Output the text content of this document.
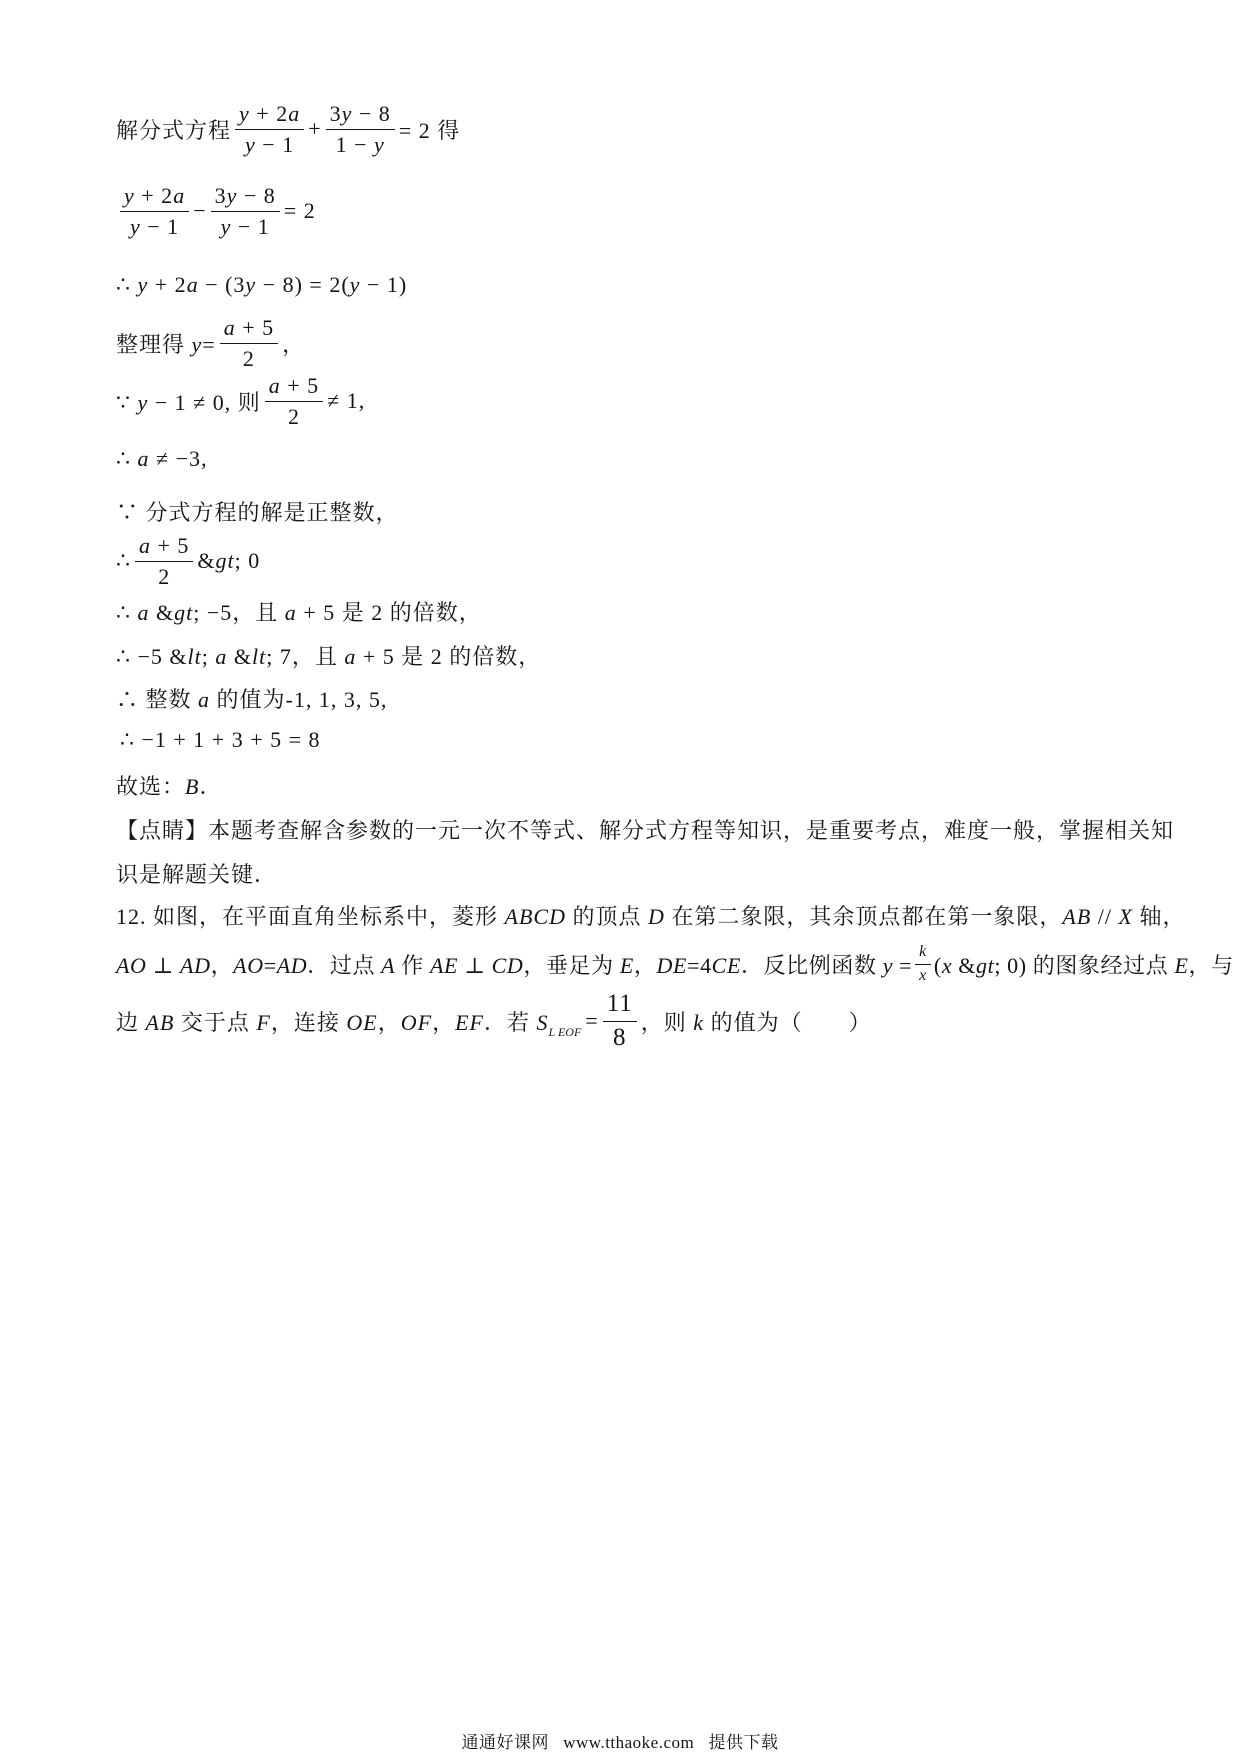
解分式方程 $\frac{y + 2a}{y - 1} + \frac{3y - 8}{1 - y} = 2$ 得
$\frac{y + 2a}{y - 1} - \frac{3y - 8}{y - 1} = 2$
∴ y + 2a − (3y − 8) = 2(y − 1)
整理得 $y= \frac{a + 5}{2}$ ，
∵ y − 1 ≠ 0, 则 $\frac{a + 5}{2} \ne 1$,
∴ a ≠ −3,
∵ 分式方程的解是正整数，
∴ $\frac{a + 5}{2}$ &gt; 0
∴ a &gt; −5，且 a + 5 是 2 的倍数，
∴ −5 &lt; a &lt; 7，且 a + 5 是 2 的倍数，
∴ 整数 a 的值为-1, 1, 3, 5,
∴ −1 + 1 + 3 + 5 = 8
故选：B．
【点睛】本题考查解含参数的一元一次不等式、解分式方程等知识，是重要考点，难度一般，掌握相关知
识是解题关键．
12. 如图，在平面直角坐标系中，菱形 ABCD 的顶点 D 在第二象限，其余顶点都在第一象限，AB // X 轴，
AO ⊥ AD，AO=AD．过点 A 作 AE ⊥ CD，垂足为 E，DE=4CE．反比例函数 $y = \frac{k}{x} (x$ &gt; 0) 的图象经过点 E，与
边 AB 交于点 F，连接 OE，OF，EF．若 S L EOF = $\frac{11}{8}$ ，则 k 的值为（　　）
通通好课网   www.tthaoke.com   提供下载
